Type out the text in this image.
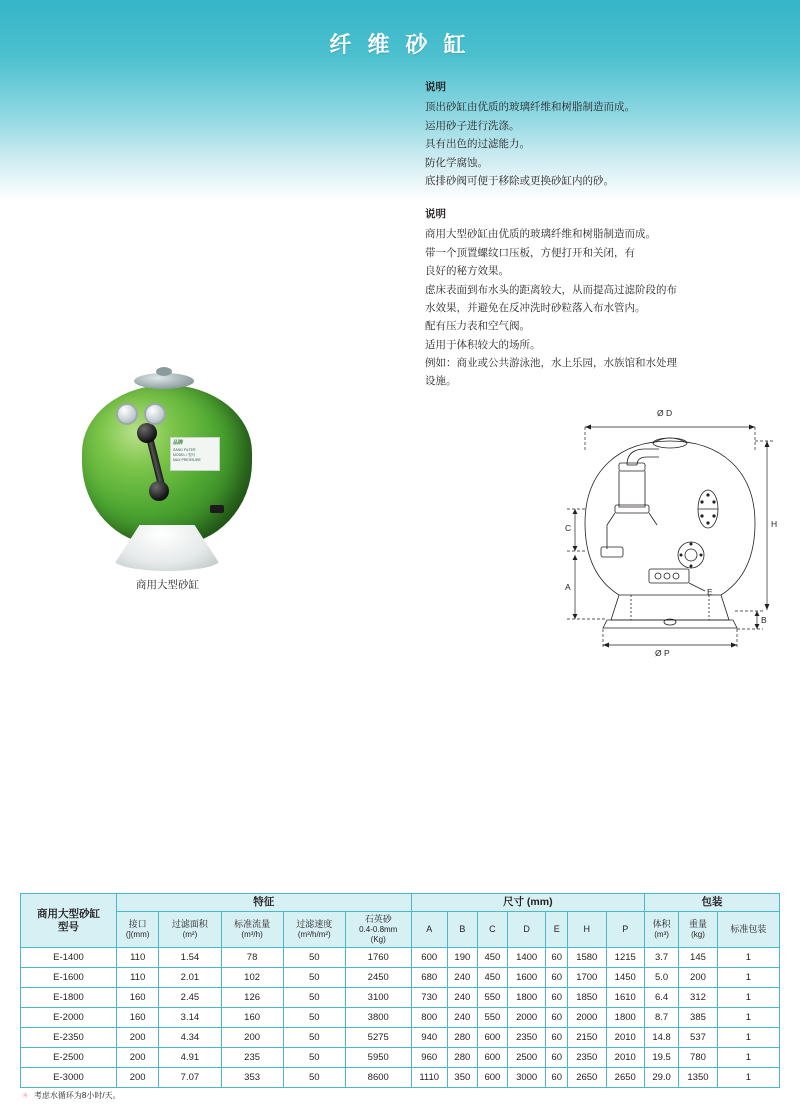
纤 维 砂 缸
说明
顶出砂缸由优质的玻璃纤维和树脂制造而成。
运用砂子进行洗涤。
具有出色的过滤能力。
防化学腐蚀。
底排砂阀可便于移除或更换砂缸内的砂。
说明
商用大型砂缸由优质的玻璃纤维和树脂制造而成。
带一个顶置螺纹口压板，方便打开和关闭，有
良好的秘方效果。
虑床表面到布水头的距离较大，从而提高过滤阶段的布
水效果，并避免在反冲洗时砂粒落入布水管内。
配有压力表和空气阀。
适用于体积较大的场所。
例如：商业或公共游泳池，水上乐园，水族馆和水处理
设施。
品牌
SAND FILTER
MODEL / 型号
MAX PRESSURE
商用大型砂缸
Ø D
Ø P
H
A
B
C
E
商用大型砂缸
型号	特征					尺寸 (mm)							包装		
	接口
(](mm)	过滤面积
(m²)	标准流量
(m³/h)	过滤速度
(m³/h/m²)	石英砂
0.4-0.8mm
(Kg)	A	B	C	D	E	H	P	体积
(m³)	重量
(kg)	标准包装
E-1400	110	1.54	78	50	1760	600	190	450	1400	60	1580	1215	3.7	145	1
E-1600	110	2.01	102	50	2450	680	240	450	1600	60	1700	1450	5.0	200	1
E-1800	160	2.45	126	50	3100	730	240	550	1800	60	1850	1610	6.4	312	1
E-2000	160	3.14	160	50	3800	800	240	550	2000	60	2000	1800	8.7	385	1
E-2350	200	4.34	200	50	5275	940	280	600	2350	60	2150	2010	14.8	537	1
E-2500	200	4.91	235	50	5950	960	280	600	2500	60	2350	2010	19.5	780	1
E-3000	200	7.07	353	50	8600	1110	350	600	3000	60	2650	2650	29.0	1350	1
✳ 考虑水循环为8小时/天。
